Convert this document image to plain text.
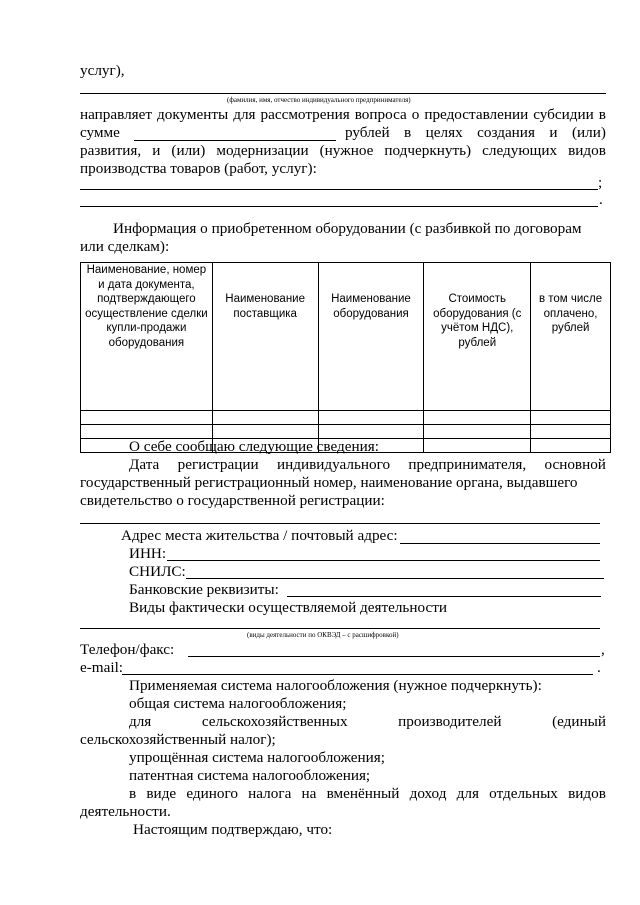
услуг),
(фамилия, имя, отчество индивидуального предпринимателя)
направляет документы для рассмотрения вопроса о предоставлении субсидии в
сумме	рублей в целях создания и (или)
развития, и (или) модернизации (нужное подчеркнуть) следующих видов
производства товаров (работ, услуг):
;
.
Информация о приобретенном оборудовании (с разбивкой по договорам
или сделкам):
Наименование, номер и дата документа, подтверждающего осуществление сделки купли-продажи оборудования	Наименование поставщика	Наименование оборудования	Стоимость оборудования (с учётом НДС), рублей	в том числе оплачено, рублей

О себе сообщаю следующие сведения:
Дата регистрации индивидуального предпринимателя, основной
государственный регистрационный номер, наименование органа, выдавшего
свидетельство о государственной регистрации:
Адрес места жительства / почтовый адрес:
ИНН:
СНИЛС:
Банковские реквизиты:
Виды фактически осуществляемой деятельности
(виды деятельности по ОКВЭД – с расшифровкой)
Телефон/факс:	,
e-mail:	.
Применяемая система налогообложения (нужное подчеркнуть):
общая система налогообложения;
для	сельскохозяйственных	производителей	(единый
сельскохозяйственный налог);
упрощённая система налогообложения;
патентная система налогообложения;
в виде единого налога на вменённый доход для отдельных видов
деятельности.
Настоящим подтверждаю, что:
